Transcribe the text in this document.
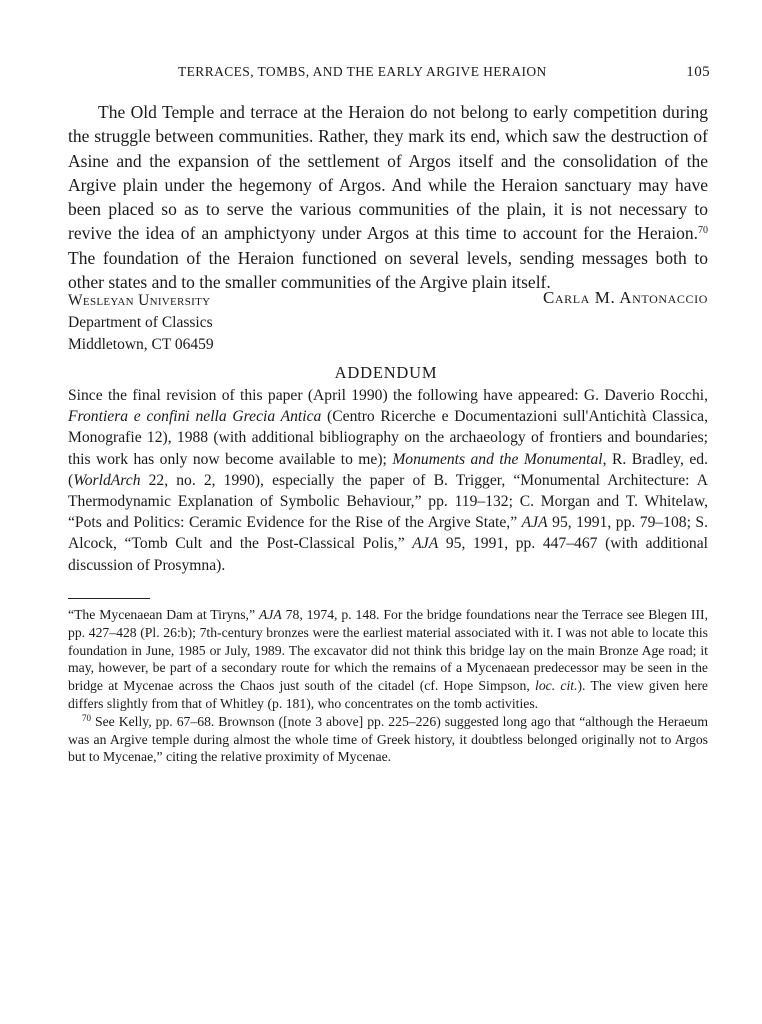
TERRACES, TOMBS, AND THE EARLY ARGIVE HERAION	105

The Old Temple and terrace at the Heraion do not belong to early competition during the struggle between communities. Rather, they mark its end, which saw the destruction of Asine and the expansion of the settlement of Argos itself and the consolidation of the Argive plain under the hegemony of Argos. And while the Heraion sanctuary may have been placed so as to serve the various communities of the plain, it is not necessary to revive the idea of an amphictyony under Argos at this time to account for the Heraion.$^{70}$ The foundation of the Heraion functioned on several levels, sending messages both to other states and to the smaller communities of the Argive plain itself.

Wesleyan University
Department of Classics
Middletown, CT 06459
Carla M. Antonaccio
ADDENDUM

Since the final revision of this paper (April 1990) the following have appeared: G. Daverio Rocchi, Frontiera e confini nella Grecia Antica (Centro Ricerche e Documentazioni sull'Antichità Classica, Monografie 12), 1988 (with additional bibliography on the archaeology of frontiers and boundaries; this work has only now become available to me); Monuments and the Monumental, R. Bradley, ed. (WorldArch 22, no. 2, 1990), especially the paper of B. Trigger, “Monumental Architecture: A Thermodynamic Explanation of Symbolic Behaviour,” pp. 119–132; C. Morgan and T. Whitelaw, “Pots and Politics: Ceramic Evidence for the Rise of the Argive State,” AJA 95, 1991, pp. 79–108; S. Alcock, “Tomb Cult and the Post-Classical Polis,” AJA 95, 1991, pp. 447–467 (with additional discussion of Prosymna).

“The Mycenaean Dam at Tiryns,” AJA 78, 1974, p. 148. For the bridge foundations near the Terrace see Blegen III, pp. 427–428 (Pl. 26:b); 7th-century bronzes were the earliest material associated with it. I was not able to locate this foundation in June, 1985 or July, 1989. The excavator did not think this bridge lay on the main Bronze Age road; it may, however, be part of a secondary route for which the remains of a Mycenaean predecessor may be seen in the bridge at Mycenae across the Chaos just south of the citadel (cf. Hope Simpson, loc. cit.). The view given here differs slightly from that of Whitley (p. 181), who concentrates on the tomb activities.

$^{70}$ See Kelly, pp. 67–68. Brownson ([note 3 above] pp. 225–226) suggested long ago that “although the Heraeum was an Argive temple during almost the whole time of Greek history, it doubtless belonged originally not to Argos but to Mycenae,” citing the relative proximity of Mycenae.
